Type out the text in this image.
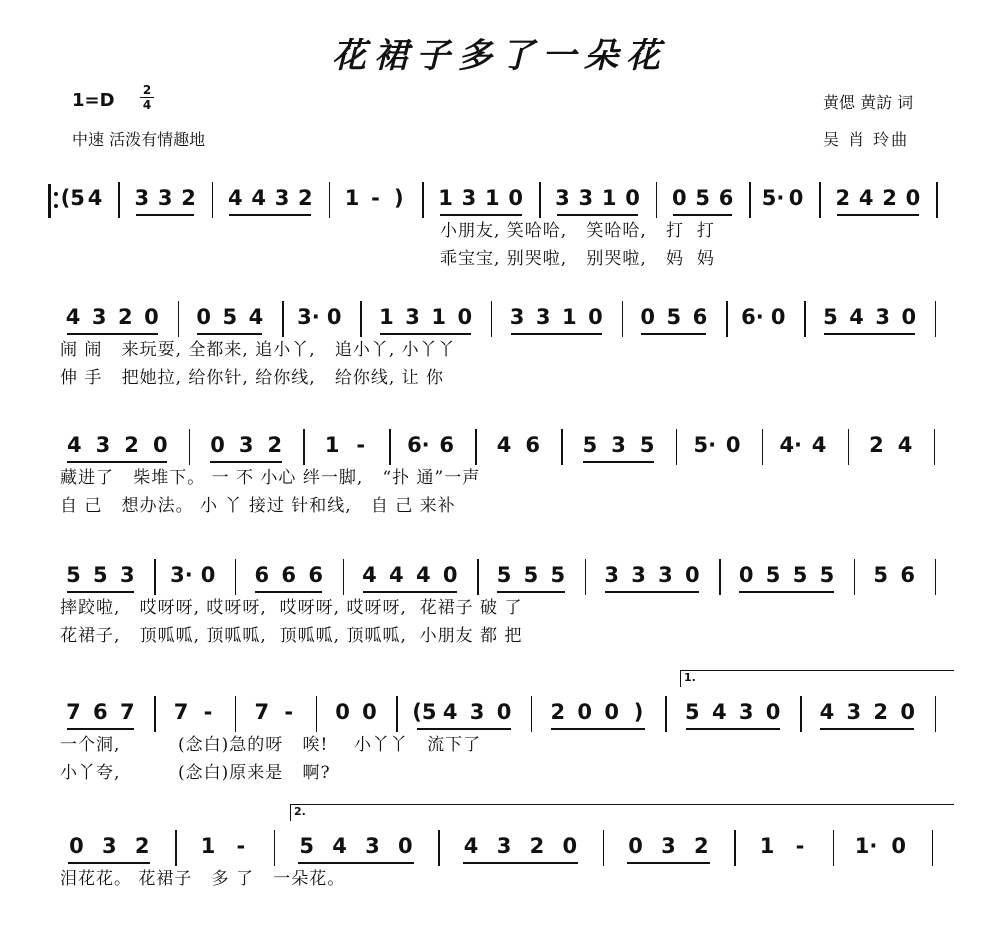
花裙子多了一朵花
1=D 2
4
中速 活泼有情趣地
黄偲 黄訪 词
吴 肖 玲曲
(5 4 3 3 2 4 4 3 2 1 - ) 1 3 1 0 3 3 1 0 0 5 6 5· 0 2 4 2 0
小朋友, 笑哈哈,   笑哈哈,   打  打
乖宝宝, 别哭啦,   别哭啦,   妈  妈
4 3 2 0 0 5 4 3· 0 1 3 1 0 3 3 1 0 0 5 6 6· 0 5 4 3 0
闹 闹   来玩耍, 全都来, 追小丫,   追小丫, 小丫丫
伸 手   把她拉, 给你针, 给你线,   给你线, 让 你
4 3 2 0 0 3 2 1 -	6· 6 4 6 5 3 5 5· 0 4· 4 2 4
藏进了   柴堆下。 一 不 小心 绊一脚,   “扑 通”一声
自 己   想办法。 小 丫 接过 针和线,   自 己 来补
5 5 3 3· 0 6 6 6 4 4 4 0 5 5 5 3 3 3 0 0 5 5 5 5 6
摔跤啦,   哎呀呀, 哎呀呀,  哎呀呀, 哎呀呀,  花裙子 破 了
花裙子,   顶呱呱, 顶呱呱,  顶呱呱, 顶呱呱,  小朋友 都 把
7 6 7 7 -	7 -	0 0 (5 4 3 0 2 0 0 ) 5 4 3 0 4 3 2 0
1.
一个洞,         (念白)急的呀   唉!    小丫丫   流下了
小丫夸,         (念白)原来是   啊?
0 3 2 1	-	5 4 3 0 4 3 2 0 0 3 2 1	-	1· 0
2.
泪花花。 花裙子   多 了   一朵花。
